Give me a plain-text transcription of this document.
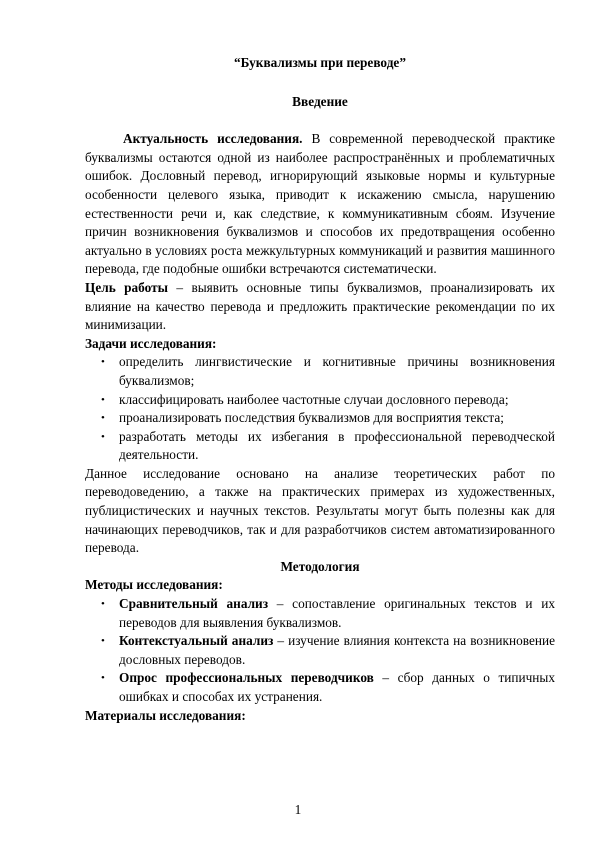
“Буквализмы при переводе”

Введение

Актуальность исследования. В современной переводческой практике буквализмы остаются одной из наиболее распространённых и проблематичных ошибок. Дословный перевод, игнорирующий языковые нормы и культурные особенности целевого языка, приводит к искажению смысла, нарушению естественности речи и, как следствие, к коммуникативным сбоям. Изучение причин возникновения буквализмов и способов их предотвращения особенно актуально в условиях роста межкультурных коммуникаций и развития машинного перевода, где подобные ошибки встречаются систематически.

Цель работы – выявить основные типы буквализмов, проанализировать их влияние на качество перевода и предложить практические рекомендации по их минимизации.

Задачи исследования:

• определить лингвистические и когнитивные причины возникновения буквализмов;
• классифицировать наиболее частотные случаи дословного перевода;
• проанализировать последствия буквализмов для восприятия текста;
• разработать методы их избегания в профессиональной переводческой деятельности.

Данное исследование основано на анализе теоретических работ по переводоведению, а также на практических примерах из художественных, публицистических и научных текстов. Результаты могут быть полезны как для начинающих переводчиков, так и для разработчиков систем автоматизированного перевода.

Методология

Методы исследования:

• Сравнительный анализ – сопоставление оригинальных текстов и их переводов для выявления буквализмов.
• Контекстуальный анализ – изучение влияния контекста на возникновение дословных переводов.
• Опрос профессиональных переводчиков – сбор данных о типичных ошибках и способах их устранения.

Материалы исследования:

1
